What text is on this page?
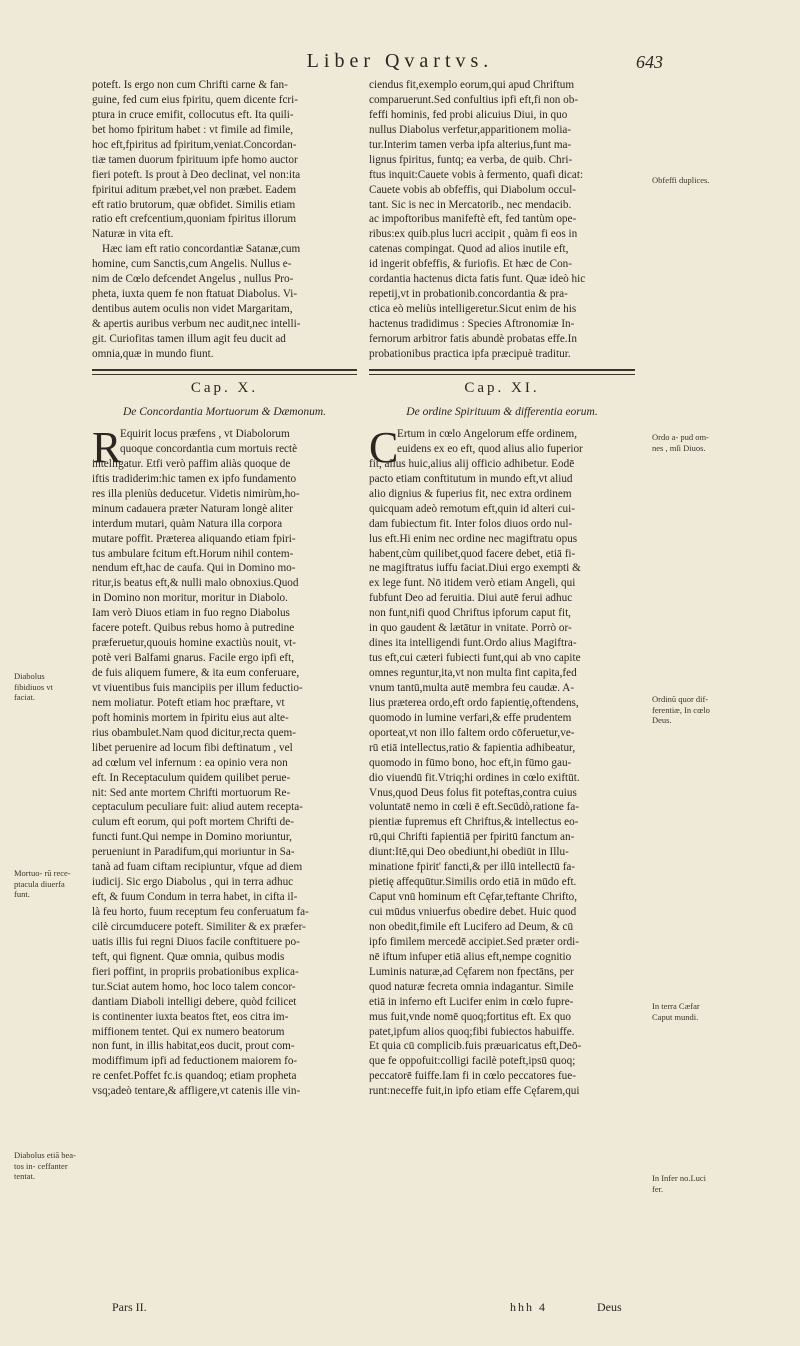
Liber Qvartvs.	643
poteft. Is ergo non cum Chrifti carne & fan-
guine, fed cum eius fpiritu, quem dicente fcri-
ptura in cruce emifit, collocutus eft. Ita quili-
bet homo fpiritum habet : vt fimile ad fimile,
hoc eft,fpiritus ad fpiritum,veniat.Concordan-
tiæ tamen duorum fpirituum ipfe homo auctor
fieri poteft. Is prout à Deo declinat, vel non:ita
fpiritui aditum præbet,vel non præbet. Eadem
eft ratio brutorum, quæ obfidet. Similis etiam
ratio eft crefcentium,quoniam fpiritus illorum
Naturæ in vita eft.
Hæc iam eft ratio concordantiæ Satanæ,cum
homine, cum Sanctis,cum Angelis. Nullus e-
nim de Cœlo defcendet Angelus , nullus Pro-
pheta, iuxta quem fe non ftatuat Diabolus. Vi-
dentibus autem oculis non videt Margaritam,
& apertis auribus verbum nec audit,nec intelli-
git. Curiofitas tamen illum agit feu ducit ad
omnia,quæ in mundo fiunt.
ciendus fit,exemplo eorum,qui apud Chriftum
comparuerunt.Sed confultius ipfi eft,fi non ob-
feffi hominis, fed probi alicuius Diui, in quo
nullus Diabolus verfetur,apparitionem molia-
tur.Interim tamen verba ipfa alterius,funt ma-
lignus fpiritus, funtq; ea verba, de quib. Chri-
ftus inquit:Cauete vobis à fermento, quafi dicat:
Cauete vobis ab obfeffis, qui Diabolum occul-
tant. Sic is nec in Mercatorib., nec mendacib.
ac impoftoribus manifeftè eft, fed tantùm ope-
ribus:ex quib.plus lucri accipit , quàm fi eos in
catenas compingat. Quod ad alios inutile eft,
id ingerit obfeffis, & furiofis. Et hæc de Con-
cordantia hactenus dicta fatis funt. Quæ ideò hic
repetij,vt in probationib.concordantia & pra-
ctica eò meliùs intelligeretur.Sicut enim de his
hactenus tradidimus : Species Aftronomiæ In-
fernorum arbitror fatis abundè probatas effe.In
probationibus practica ipfa præcipuè traditur.
Cap. X.	Cap. XI.
De Concordantia Mortuorum & Dæmonum.	De ordine Spirituum & differentia eorum.
R	C
Equirit locus præfens , vt Diabolorum
quoque concordantia cum mortuis rectè
intelligatur. Etfi verò paffim aliàs quoque de
iftis tradiderim:hic tamen ex ipfo fundamento
res illa pleniùs deducetur. Videtis nimirùm,ho-
minum cadauera præter Naturam longè aliter
interdum mutari, quàm Natura illa corpora
mutare poffit. Præterea aliquando etiam fpiri-
tus ambulare fcitum eft.Horum nihil contem-
nendum eft,hac de caufa. Qui in Domino mo-
ritur,is beatus eft,& nulli malo obnoxius.Quod
in Domino non moritur, moritur in Diabolo.
Iam verò Diuos etiam in fuo regno Diabolus
facere poteft. Quibus rebus homo à putredine
præferuetur,quouis homine exactiùs nouit, vt-
potè veri Balfami gnarus. Facile ergo ipfi eft,
de fuis aliquem fumere, & ita eum conferuare,
vt viuentibus fuis mancipiis per illum feductio-
nem moliatur. Poteft etiam hoc præftare, vt
poft hominis mortem in fpiritu eius aut alte-
rius obambulet.Nam quod dicitur,recta quem-
libet peruenire ad locum fibi deftinatum , vel
ad cœlum vel infernum : ea opinio vera non
eft. In Receptaculum quidem quilibet perue-
nit: Sed ante mortem Chrifti mortuorum Re-
ceptaculum peculiare fuit: aliud autem recepta-
culum eft eorum, qui poft mortem Chrifti de-
functi funt.Qui nempe in Domino moriuntur,
perueniunt in Paradifum,qui moriuntur in Sa-
tanà ad fuam ciftam recipiuntur, vfque ad diem
iudicij. Sic ergo Diabolus , qui in terra adhuc
eft, & fuum Condum in terra habet, in cifta il-
là feu horto, fuum receptum feu conferuatum fa-
cilè circumducere poteft. Similiter & ex præfer-
uatis illis fui regni Diuos facile conftituere po-
teft, qui fignent. Quæ omnia, quibus modis
fieri poffint, in propriis probationibus explica-
tur.Sciat autem homo, hoc loco talem concor-
dantiam Diaboli intelligi debere, quòd fcilicet
is continenter iuxta beatos ftet, eos citra im-
miffionem tentet. Qui ex numero beatorum
non funt, in illis habitat,eos ducit, prout com-
modiffimum ipfi ad feductionem maiorem fo-
re cenfet.Poffet fc.is quandoq; etiam propheta
vsq;adeò tentare,& affligere,vt catenis ille vin-
Ertum in cœlo Angelorum effe ordinem,
euidens ex eo eft, quod alius alio fuperior
fit, alius huic,alius alij officio adhibetur. Eodē
pacto etiam conftitutum in mundo eft,vt aliud
alio dignius & fuperius fit, nec extra ordinem
quicquam adeò remotum eft,quin id alteri cui-
dam fubiectum fit. Inter folos diuos ordo nul-
lus eft.Hi enim nec ordine nec magiftratu opus
habent,cùm quilibet,quod facere debet, etiā fi-
ne magiftratus iuffu faciat.Diui ergo exempti &
ex lege funt. Nō itidem verò etiam Angeli, qui
fubfunt Deo ad feruitia. Diui autē ferui adhuc
non funt,nifi quod Chriftus ipforum caput fit,
in quo gaudent & lætātur in vnitate. Porrò or-
dines ita intelligendi funt.Ordo alius Magiftra-
tus eft,cui cæteri fubiecti funt,qui ab vno capite
omnes reguntur,ita,vt non multa fint capita,fed
vnum tantū,multa autē membra feu caudæ. A-
lius præterea ordo,eft ordo fapientię,oftendens,
quomodo in lumine verfari,& effe prudentem
oporteat,vt non illo faltem ordo cōferuetur,ve-
rū etiā intellectus,ratio & fapientia adhibeatur,
quomodo in fūmo bono, hoc eft,in fūmo gau-
dio viuendū fit.Vtriq;hi ordines in cœlo exiftūt.
Vnus,quod Deus folus fit poteftas,contra cuius
voluntatē nemo in cœli ē eft.Secūdò,ratione fa-
pientiæ fupremus eft Chriftus,& intellectus eo-
rū,qui Chrifti fapientiā per fpiritū fanctum an-
diunt:Itē,qui Deo obediunt,hi obediūt in Illu-
minatione fpirit' fancti,& per illū intellectū fa-
pietię affequūtur.Similis ordo etiā in mūdo eft.
Caput vnū hominum eft Cęfar,teftante Chrifto,
cui mūdus vniuerfus obedire debet. Huic quod
non obedit,fimile eft Lucifero ad Deum, & cū
ipfo fimilem mercedē accipiet.Sed præter ordi-
nē iftum infuper etiā alius eft,nempe cognitio
Luminis naturæ,ad Cęfarem non fpectāns, per
quod naturæ fecreta omnia indagantur. Simile
etiā in inferno eft Lucifer enim in cœlo fupre-
mus fuit,vnde nomē quoq;fortitus eft. Ex quo
patet,ipfum alios quoq;fibi fubiectos habuiffe.
Et quia cū complicib.fuis præuaricatus eft,Deō-
que fe oppofuit:colligi facilè poteft,ipsū quoq;
peccatorē fuiffe.Iam fi in cœlo peccatores fue-
runt:neceffe fuit,in ipfo etiam effe Cęfarem,qui
Obfeffi duplices.
Ordo a- pud om- nes , mſi Diuos.
Diabolus fibidiuos vt faciat.	Ordinū quor dif- ferentiæ, In cœlo Deus.
Mortuo- rū rece- ptacula diuerfa funt.
In terra Cæfar Caput mundi.
Diabolus etiā bea- tos in- ceffanter tentat.	In Infer no.Luci fer.
Pars II.	hhh 4	Deus
